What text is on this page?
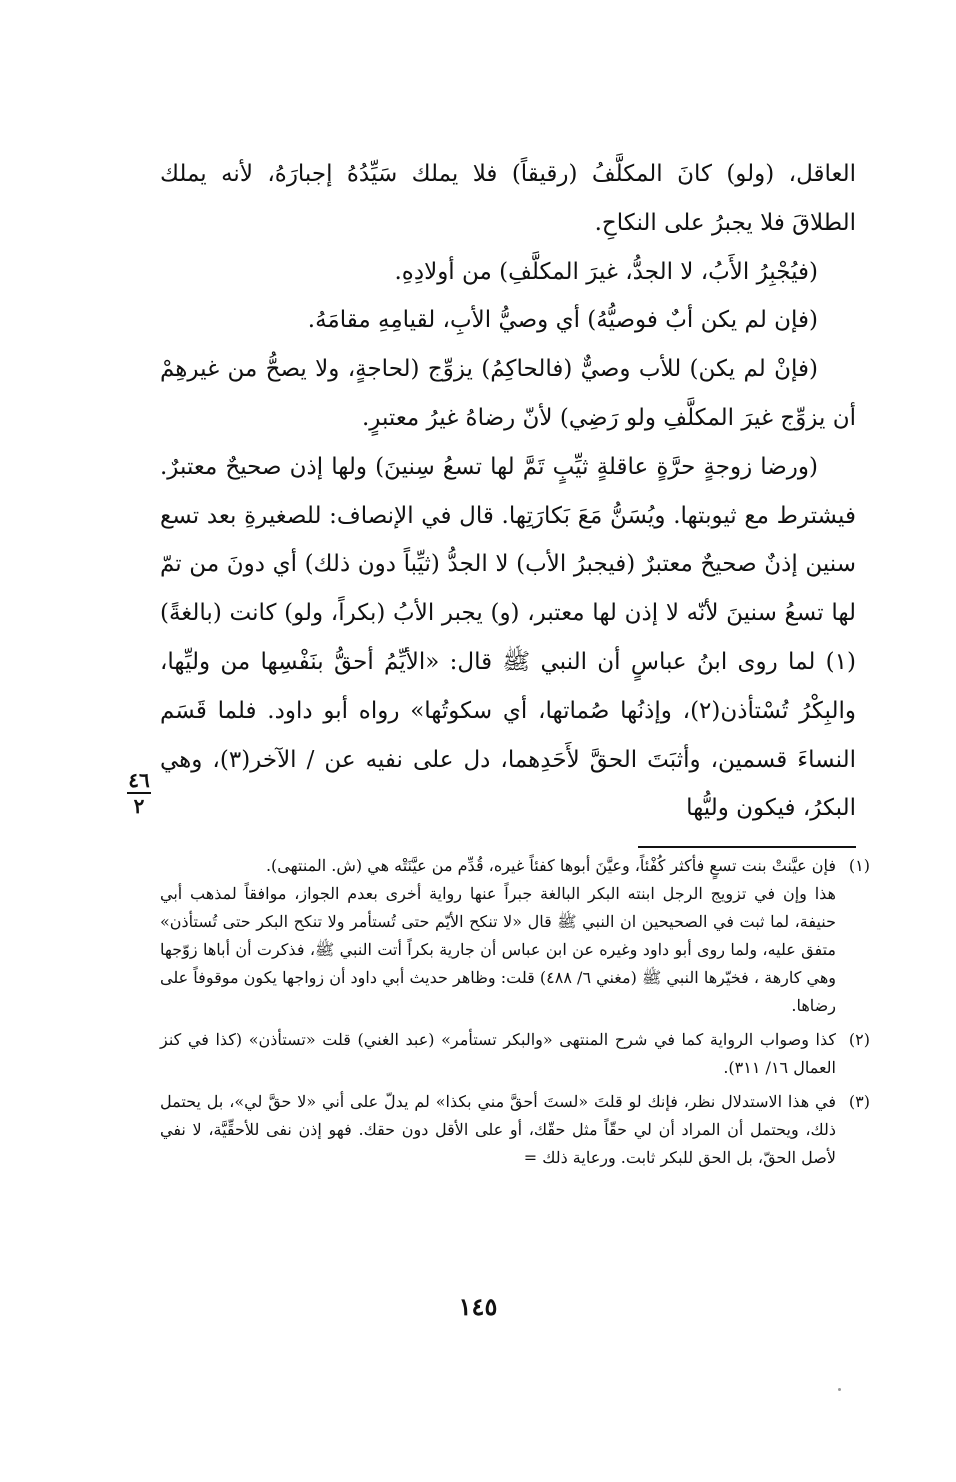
العاقل، (ولو) كانَ المكلَّفُ (رقيقاً) فلا يملك سَيِّدُهُ إجبارَهُ، لأنه يملك الطلاقَ فلا يجبرُ على النكاحِ.

(فيُجْبِرُ الأَبُ، لا الجدُّ، غيرَ المكلَّفِ) من أولادِهِ.

(فإن لم يكن أبٌ فوصيُّهُ) أي وصيُّ الأبِ، لقيامِهِ مقامَهُ.

(فإنْ لم يكن) للأب وصيٌّ (فالحاكِمُ) يزوِّج (لحاجةٍ، ولا يصحُّ من غيرهِمْ أن يزوِّج غيرَ المكلَّفِ ولو رَضِي) لأنّ رضاهُ غيرُ معتبرٍ.

(ورضا زوجةٍ حرَّةٍ عاقلةٍ ثيِّبٍ تَمَّ لها تسعُ سِنينَ) ولها إذن صحيحٌ معتبرٌ. فيشترط مع ثيوبتها. ويُسَنُّ مَعَ بَكارَتِها. قال في الإنصاف: للصغيرةِ بعد تسع سنين إذنٌ صحيحٌ معتبرٌ (فيجبرُ الأب) لا الجدُّ (ثيِّباً دون ذلك) أي دونَ من تمّ لها تسعُ سنينَ لأنّه لا إذن لها معتبر، (و) يجبر الأبُ (بكراً، ولو) كانت (بالغةً)(١) لما روى ابنُ عباسٍ أن النبي ﷺ قال: «الأيِّمُ أحقُّ بنَفْسِها من وليِّها، والبِكْرُ تُسْتأذن(٢)، وإذنُها صُماتها، أي سكوتُها» رواه أبو داود. فلما قَسَم النساءَ قسمين، وأثبَتَ الحقَّ لأَحَدِهما، دل على نفيه عن / الآخر(٣)، وهي البكرُ، فيكون وليُّها

٤٦
٢

(١)
فإن عيَّنتْ بنت تسعٍ فأكثر كُفْئاً، وعيَّنَ أبوها كفئاً غيره، قُدِّم من عيَّنَتْه هي (ش. المنتهى).

هذا وإن في تزويج الرجل ابنته البكر البالغة جبراً عنها رواية أخرى بعدم الجواز، موافقاً لمذهب أبي حنيفة، لما ثبت في الصحيحين ان النبي ﷺ قال «لا تنكح الأيّم حتى تُستأمر ولا تنكح البكر حتى تُستأذن» متفق عليه، ولما روى أبو داود وغيره عن ابن عباس أن جارية بكراً أتت النبي ﷺ، فذكرت أن أباها زوّجها وهي كارهة ، فخيّرها النبي ﷺ (مغني ٦/ ٤٨٨) قلت: وظاهر حديث أبي داود أن زواجها يكون موقوفاً على رضاها.

(٢)
كذا وصواب الرواية كما في شرح المنتهى «والبكر تستأمر» (عبد الغني) قلت «تستأذن» (كذا في كنز العمال ١٦/ ٣١١).

(٣)
في هذا الاستدلال نظر، فإنك لو قلتَ «لستَ أحقَّ مني بكذا» لم يدلّ على أني «لا حقَّ لي»، بل يحتمل ذلك، ويحتمل أن المراد أن لي حقّاً مثل حقّك، أو على الأقل دون حقك. فهو إذن نفى للأحقِّيَّة، لا نفي لأصل الحقّ، بل الحق للبكر ثابت. ورعاية ذلك =

١٤٥
